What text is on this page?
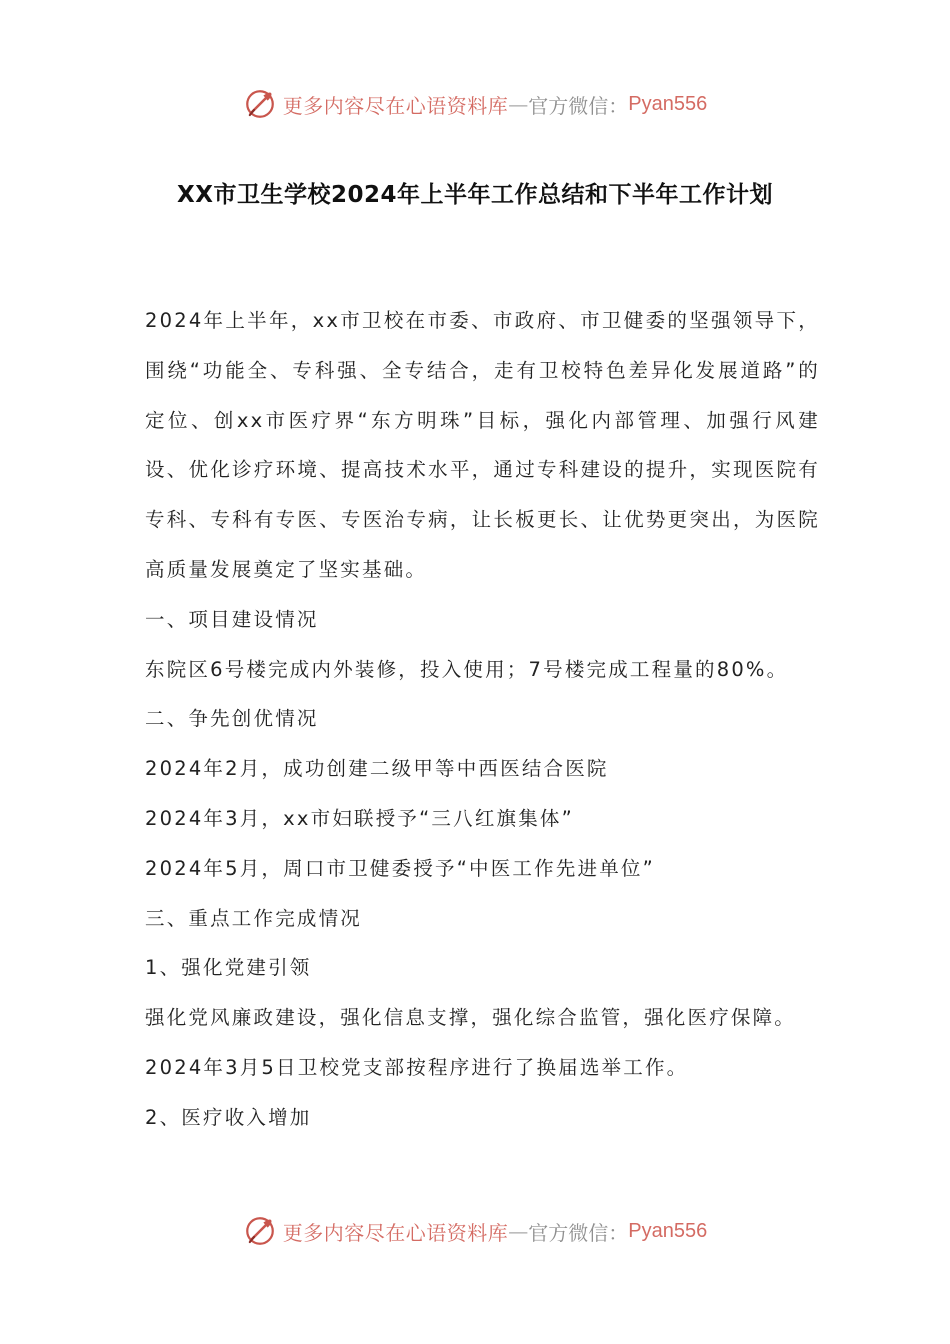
更多内容尽在心语资料库 — 官方微信： Pyan556
XX市卫生学校2024年上半年工作总结和下半年工作计划

2024年上半年，xx市卫校在市委、市政府、市卫健委的坚强领导下，围绕“功能全、专科强、全专结合，走有卫校特色差异化发展道路”的定位、创xx市医疗界“东方明珠”目标，强化内部管理、加强行风建设、优化诊疗环境、提高技术水平，通过专科建设的提升，实现医院有专科、专科有专医、专医治专病，让长板更长、让优势更突出，为医院高质量发展奠定了坚实基础。

一、项目建设情况

东院区6号楼完成内外装修，投入使用；7号楼完成工程量的80%。

二、争先创优情况

2024年2月，成功创建二级甲等中西医结合医院

2024年3月，xx市妇联授予“三八红旗集体”

2024年5月，周口市卫健委授予“中医工作先进单位”

三、重点工作完成情况

1、强化党建引领

强化党风廉政建设，强化信息支撑，强化综合监管，强化医疗保障。

2024年3月5日卫校党支部按程序进行了换届选举工作。

2、医疗收入增加

更多内容尽在心语资料库 — 官方微信： Pyan556
